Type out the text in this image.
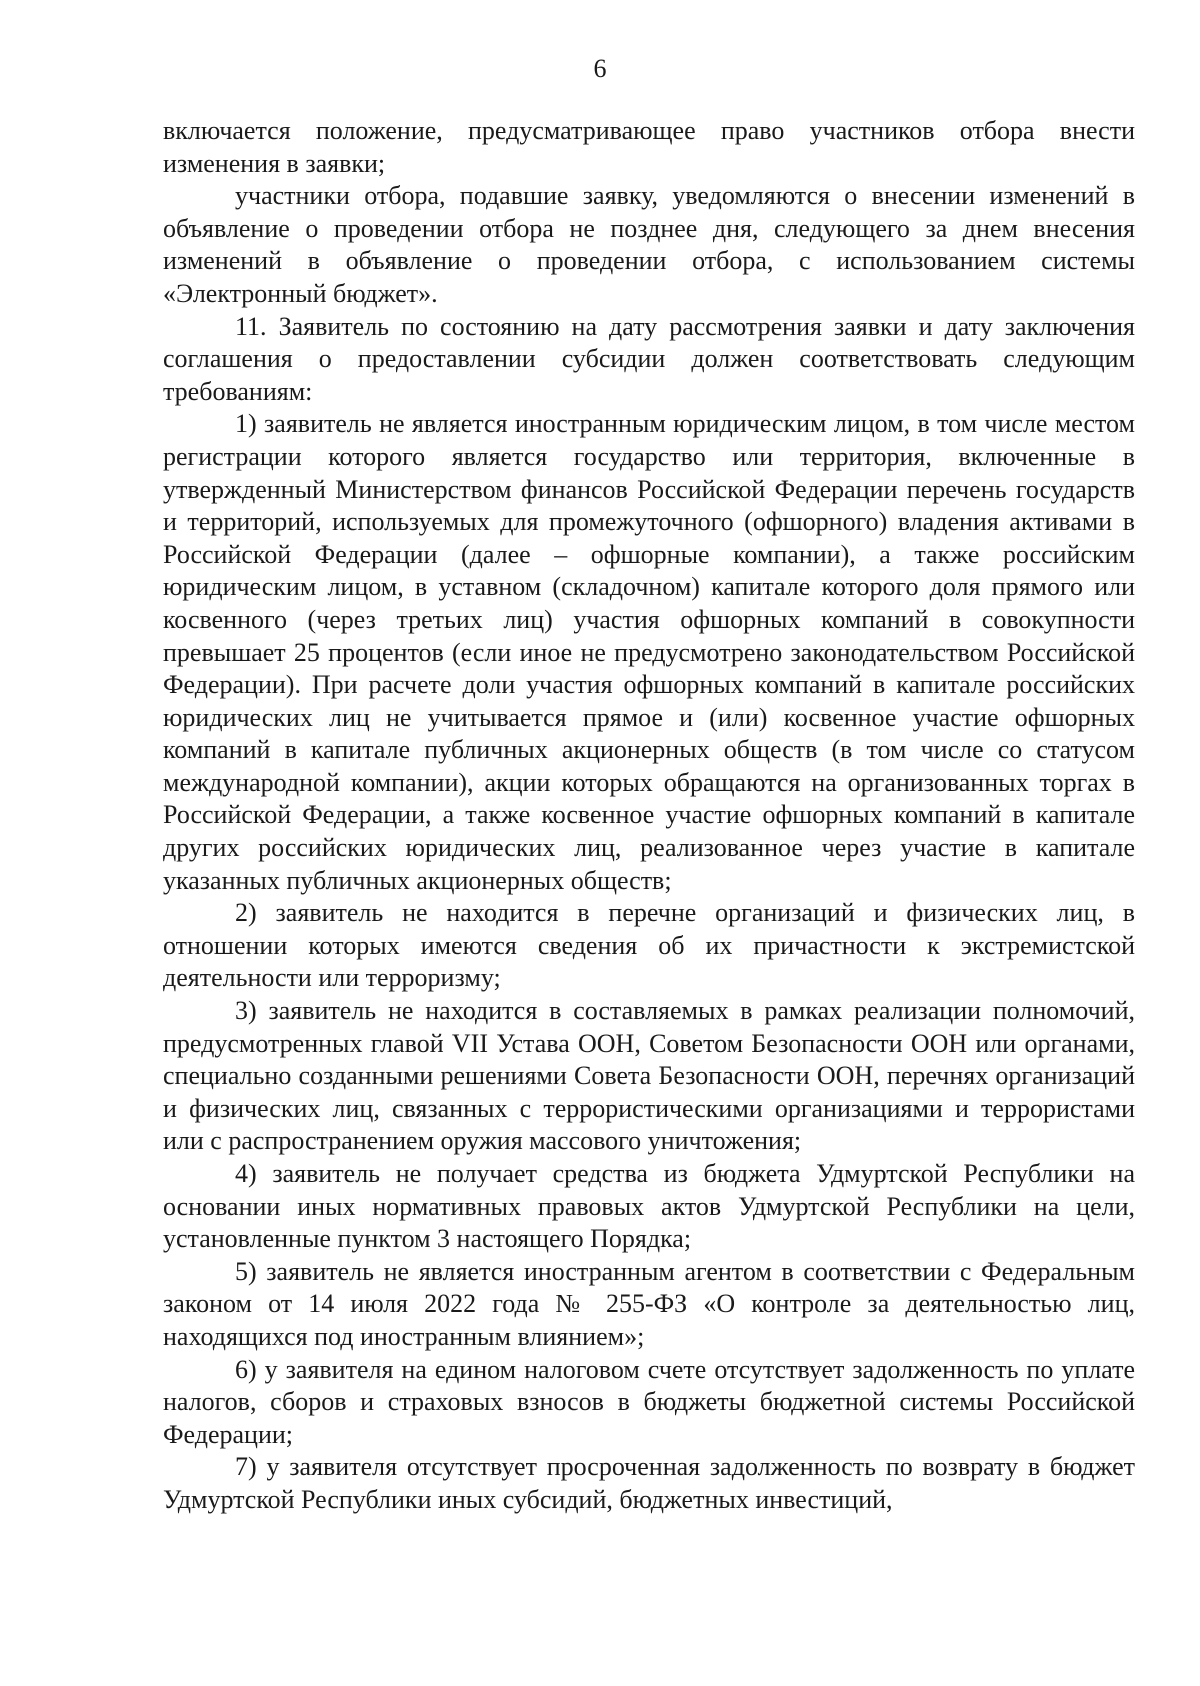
6

включается положение, предусматривающее право участников отбора внести изменения в заявки;

участники отбора, подавшие заявку, уведомляются о внесении изменений в объявление о проведении отбора не позднее дня, следующего за днем внесения изменений в объявление о проведении отбора, с использованием системы «Электронный бюджет».

11. Заявитель по состоянию на дату рассмотрения заявки и дату заключения соглашения о предоставлении субсидии должен соответствовать следующим требованиям:

1) заявитель не является иностранным юридическим лицом, в том числе местом регистрации которого является государство или территория, включенные в утвержденный Министерством финансов Российской Федерации перечень государств и территорий, используемых для промежуточного (офшорного) владения активами в Российской Федерации (далее – офшорные компании), а также российским юридическим лицом, в уставном (складочном) капитале которого доля прямого или косвенного (через третьих лиц) участия офшорных компаний в совокупности превышает 25 процентов (если иное не предусмотрено законодательством Российской Федерации). При расчете доли участия офшорных компаний в капитале российских юридических лиц не учитывается прямое и (или) косвенное участие офшорных компаний в капитале публичных акционерных обществ (в том числе со статусом международной компании), акции которых обращаются на организованных торгах в Российской Федерации, а также косвенное участие офшорных компаний в капитале других российских юридических лиц, реализованное через участие в капитале указанных публичных акционерных обществ;

2) заявитель не находится в перечне организаций и физических лиц, в отношении которых имеются сведения об их причастности к экстремистской деятельности или терроризму;

3) заявитель не находится в составляемых в рамках реализации полномочий, предусмотренных главой VII Устава ООН, Советом Безопасности ООН или органами, специально созданными решениями Совета Безопасности ООН, перечнях организаций и физических лиц, связанных с террористическими организациями и террористами или с распространением оружия массового уничтожения;

4) заявитель не получает средства из бюджета Удмуртской Республики на основании иных нормативных правовых актов Удмуртской Республики на цели, установленные пунктом 3 настоящего Порядка;

5) заявитель не является иностранным агентом в соответствии с Федеральным законом от 14 июля 2022 года № 255-ФЗ «О контроле за деятельностью лиц, находящихся под иностранным влиянием»;

6) у заявителя на едином налоговом счете отсутствует задолженность по уплате налогов, сборов и страховых взносов в бюджеты бюджетной системы Российской Федерации;

7) у заявителя отсутствует просроченная задолженность по возврату в бюджет Удмуртской Республики иных субсидий, бюджетных инвестиций,
